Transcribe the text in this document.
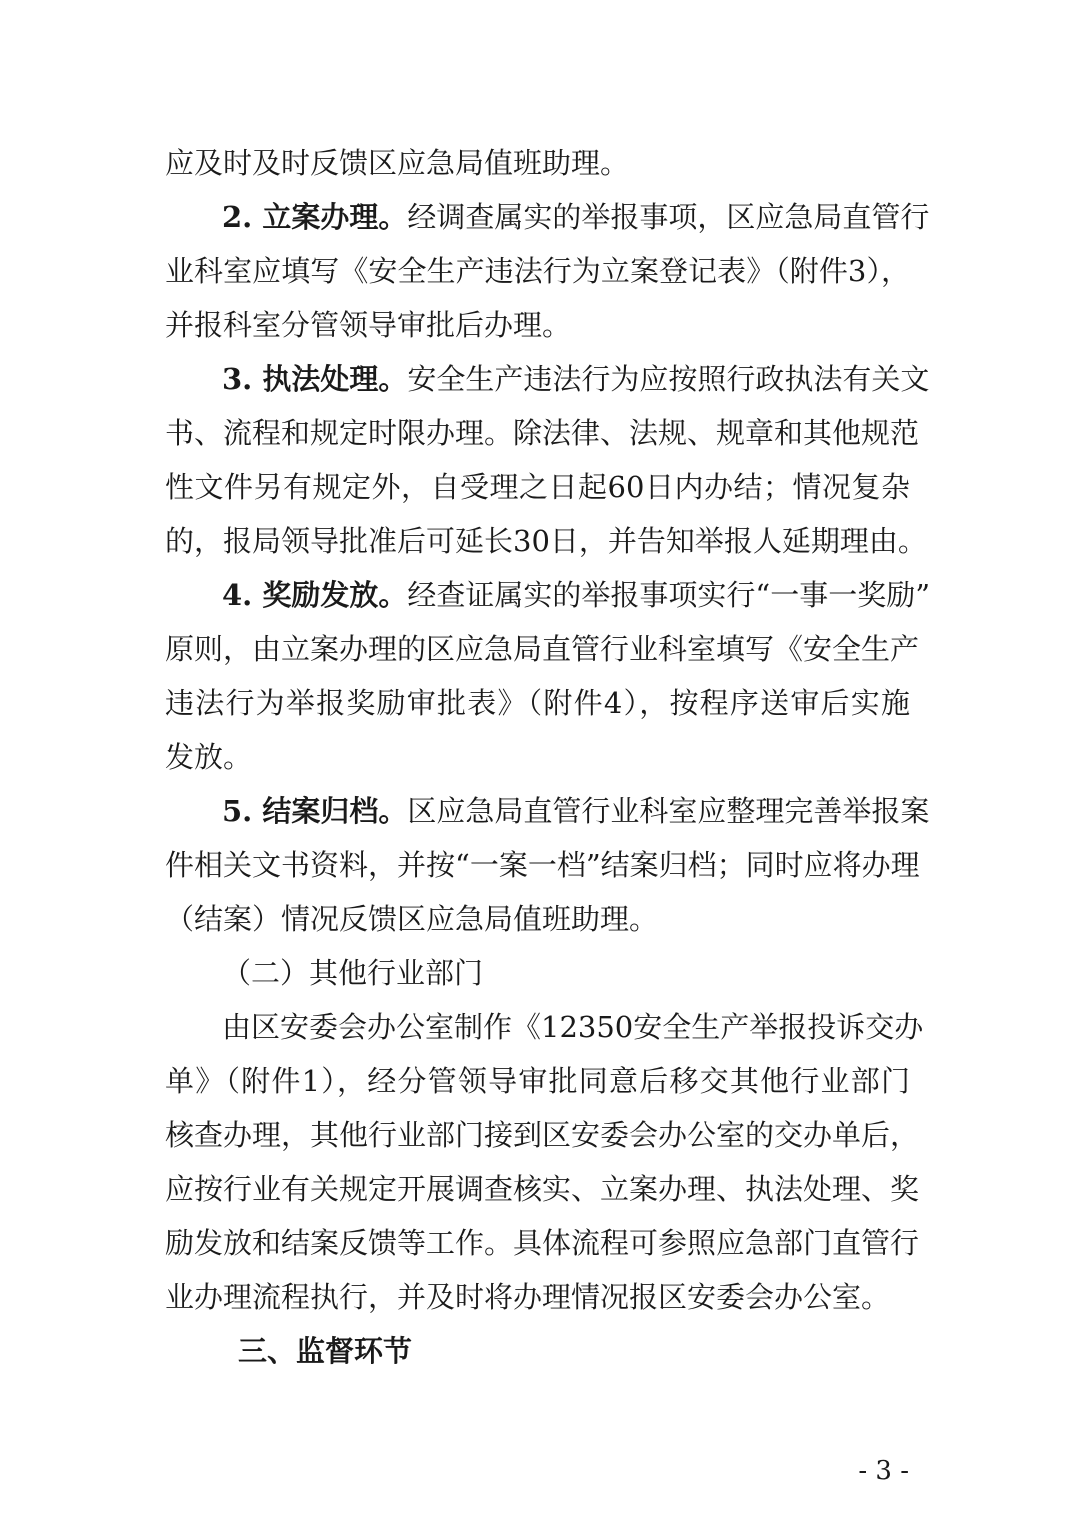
应及时及时反馈区应急局值班助理。
2. 立案办理。经调查属实的举报事项，区应急局直管行
业科室应填写《安全生产违法行为立案登记表》（附件3），
并报科室分管领导审批后办理。
3. 执法处理。安全生产违法行为应按照行政执法有关文
书、流程和规定时限办理。除法律、法规、规章和其他规范
性文件另有规定外，自受理之日起60日内办结；情况复杂
的，报局领导批准后可延长30日，并告知举报人延期理由。
4. 奖励发放。经查证属实的举报事项实行“一事一奖励”
原则，由立案办理的区应急局直管行业科室填写《安全生产
违法行为举报奖励审批表》（附件4），按程序送审后实施
发放。
5. 结案归档。区应急局直管行业科室应整理完善举报案
件相关文书资料，并按“一案一档”结案归档；同时应将办理
（结案）情况反馈区应急局值班助理。
（二）其他行业部门
由区安委会办公室制作《12350安全生产举报投诉交办
单》（附件1），经分管领导审批同意后移交其他行业部门
核查办理，其他行业部门接到区安委会办公室的交办单后，
应按行业有关规定开展调查核实、立案办理、执法处理、奖
励发放和结案反馈等工作。具体流程可参照应急部门直管行
业办理流程执行，并及时将办理情况报区安委会办公室。
三、监督环节
- 3 -
